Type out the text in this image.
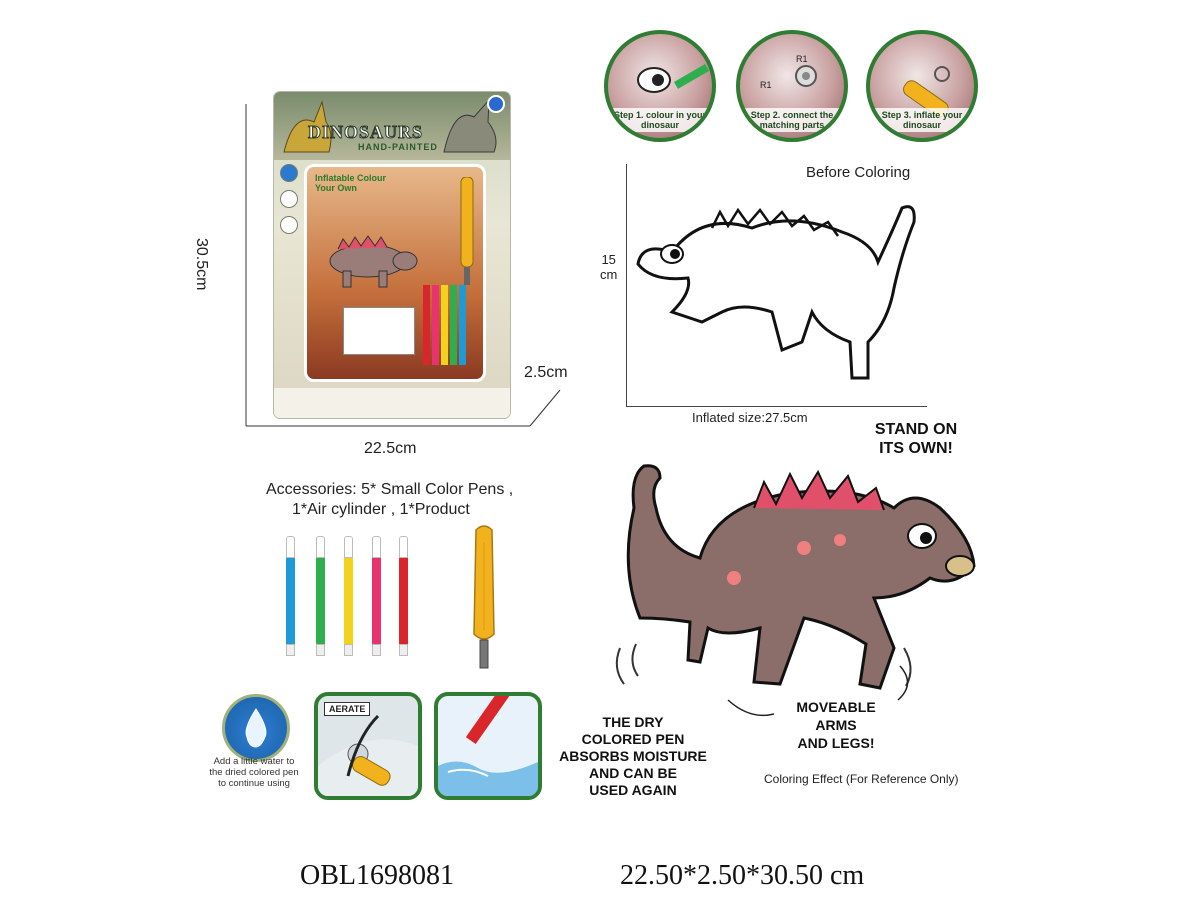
DINOSAURS
HAND-PAINTED
Inflatable Colour Your Own
Inflated size
30.5cm
22.5cm
2.5cm
Step 1. colour in your dinosaur
R1
R1
Step 2. connect the matching parts
Step 3. inflate your dinosaur
Before Coloring
15
cm
Inflated size:27.5cm
STAND ON
ITS OWN!
MOVEABLE
ARMS
AND LEGS!
Coloring Effect (For Reference Only)
Accessories: 5* Small Color Pens ,
1*Air cylinder , 1*Product
Add a little water to the dried colored pen to continue using
AERATE
THE DRY
COLORED PEN
ABSORBS MOISTURE
AND CAN BE
USED AGAIN
OBL1698081	22.50*2.50*30.50 cm
